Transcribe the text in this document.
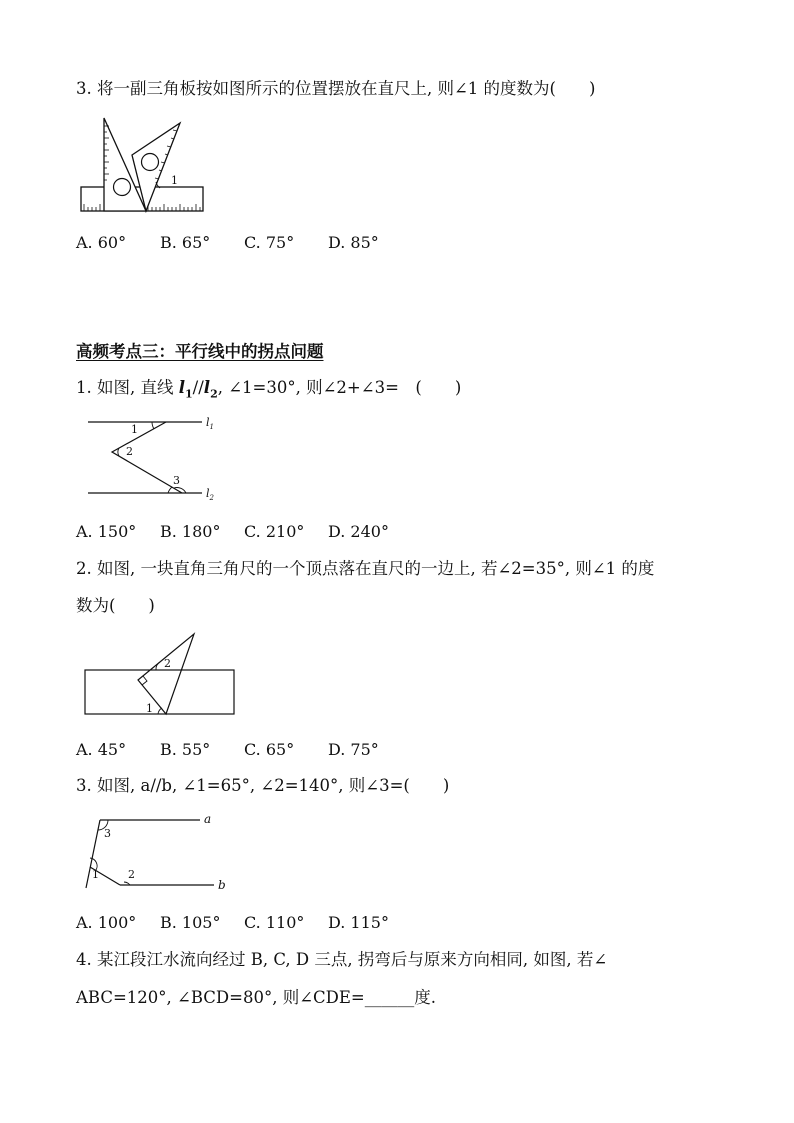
3. 将一副三角板按如图所示的位置摆放在直尺上, 则∠1 的度数为(　　)
1
A. 60° B. 65° C. 75° D. 85°
高频考点三：平行线中的拐点问题
1. 如图, 直线 $l_1//l_2$, ∠1=30°, 则∠2+∠3=　(　　)
1
2
3
$l_1$
$l_2$
A. 150° B. 180° C. 210° D. 240°
2. 如图, 一块直角三角尺的一个顶点落在直尺的一边上, 若∠2=35°, 则∠1 的度
数为(　　)
2
1
A. 45° B. 55° C. 65° D. 75°
3. 如图, a//b, ∠1=65°, ∠2=140°, 则∠3=(　　)
3
1	2
a
b
A. 100° B. 105° C. 110° D. 115°
4. 某江段江水流向经过 B, C, D 三点, 拐弯后与原来方向相同, 如图, 若∠
ABC=120°, ∠BCD=80°, 则∠CDE=______度.
